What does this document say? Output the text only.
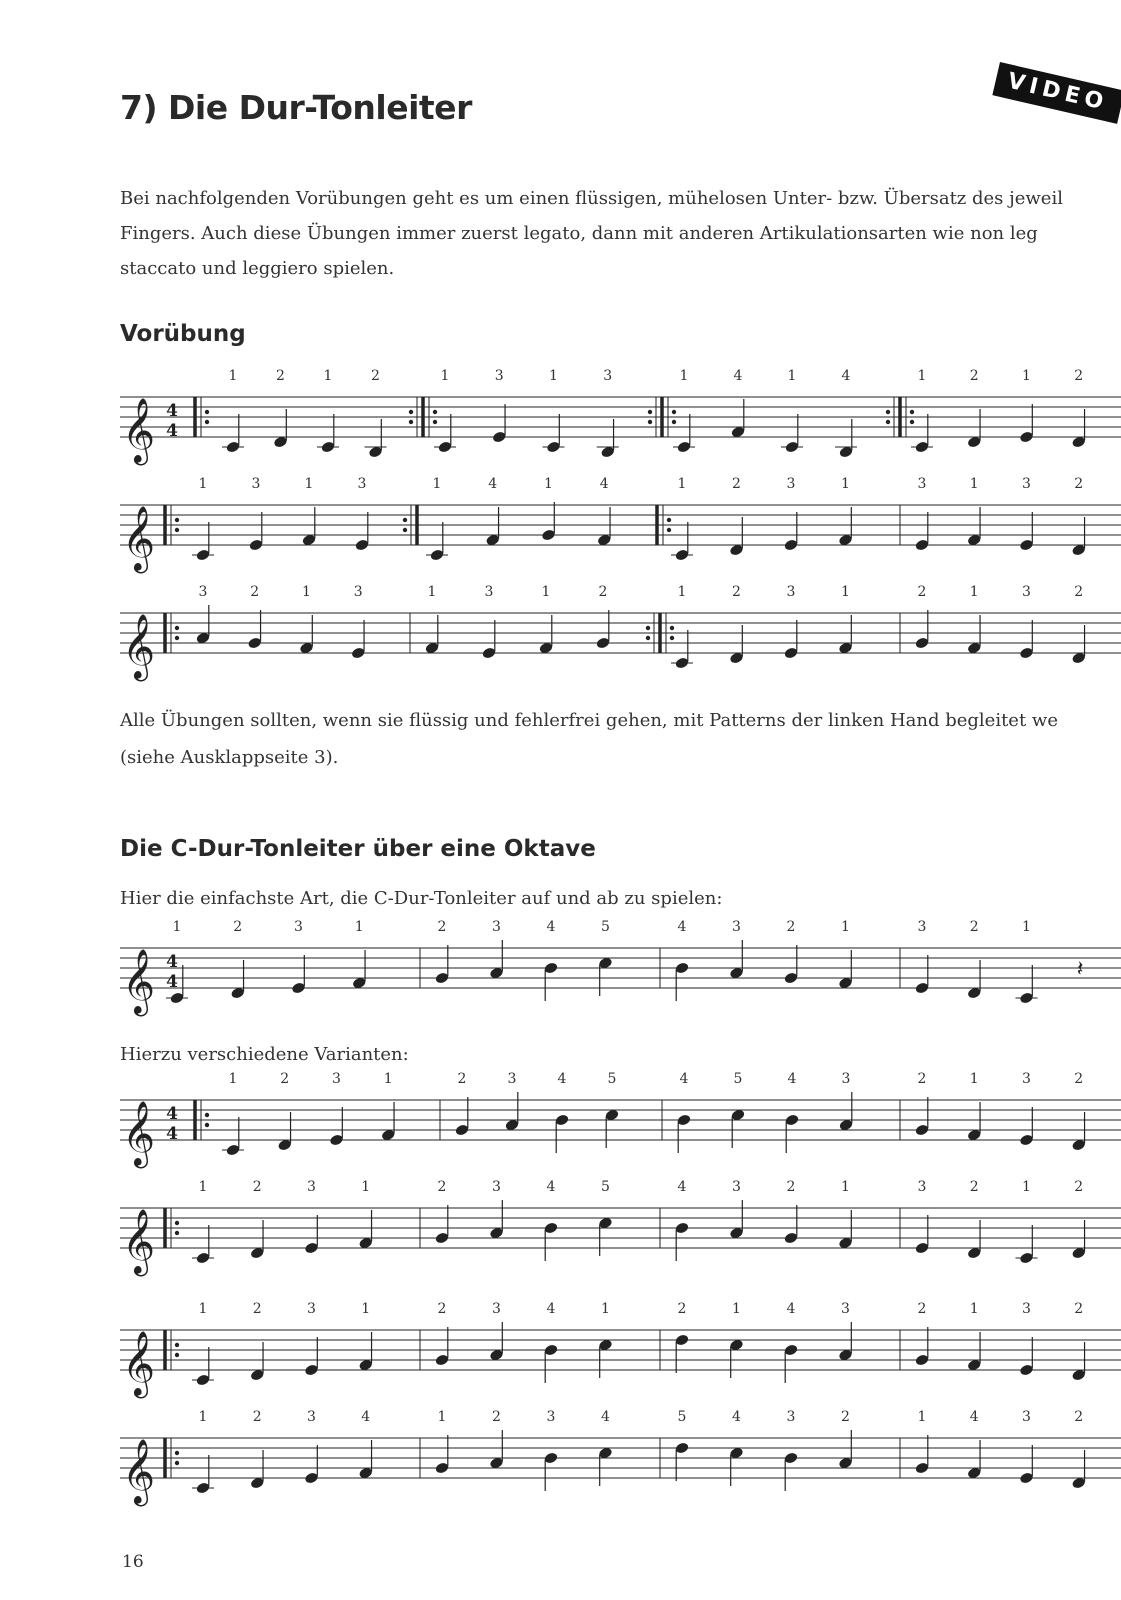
VIDEO
7) Die Dur-Tonleiter

Bei nachfolgenden Vorübungen geht es um einen flüssigen, mühelosen Unter- bzw. Übersatz des jeweil

Fingers. Auch diese Übungen immer zuerst legato, dann mit anderen Artikulationsarten wie non leg

staccato und leggiero spielen.

Vorübung

Alle Übungen sollten, wenn sie flüssig und fehlerfrei gehen, mit Patterns der linken Hand begleitet we

(siehe Ausklappseite 3).

Die C-Dur-Tonleiter über eine Oktave

Hier die einfachste Art, die C-Dur-Tonleiter auf und ab zu spielen:

Hierzu verschiedene Varianten:

𝄞 4
4
1	2	1	2	1	3	1	3	1	4	1	4	1	2	1	2
𝄞
1	3	1	3	1	4	1	4	1	2	3	1	3	1	3	2
𝄞
3	2	1	3	1	3	1	2	1	2	3	1	2	1	3	2
𝄞 4
4
1	2	3	1	2	3	4	5	4	3	2	1	3	2	1
𝄽
𝄞 4
4
1	2	3	1	2	3	4	5	4	5	4	3	2	1	3	2
𝄞
1	2	3	1	2	3	4	5	4	3	2	1	3	2	1	2
𝄞
1	2	3	1	2	3	4	1	2	1	4	3	2	1	3	2
𝄞
1	2	3	4	1	2	3	4	5	4	3	2	1	4	3	2
16
